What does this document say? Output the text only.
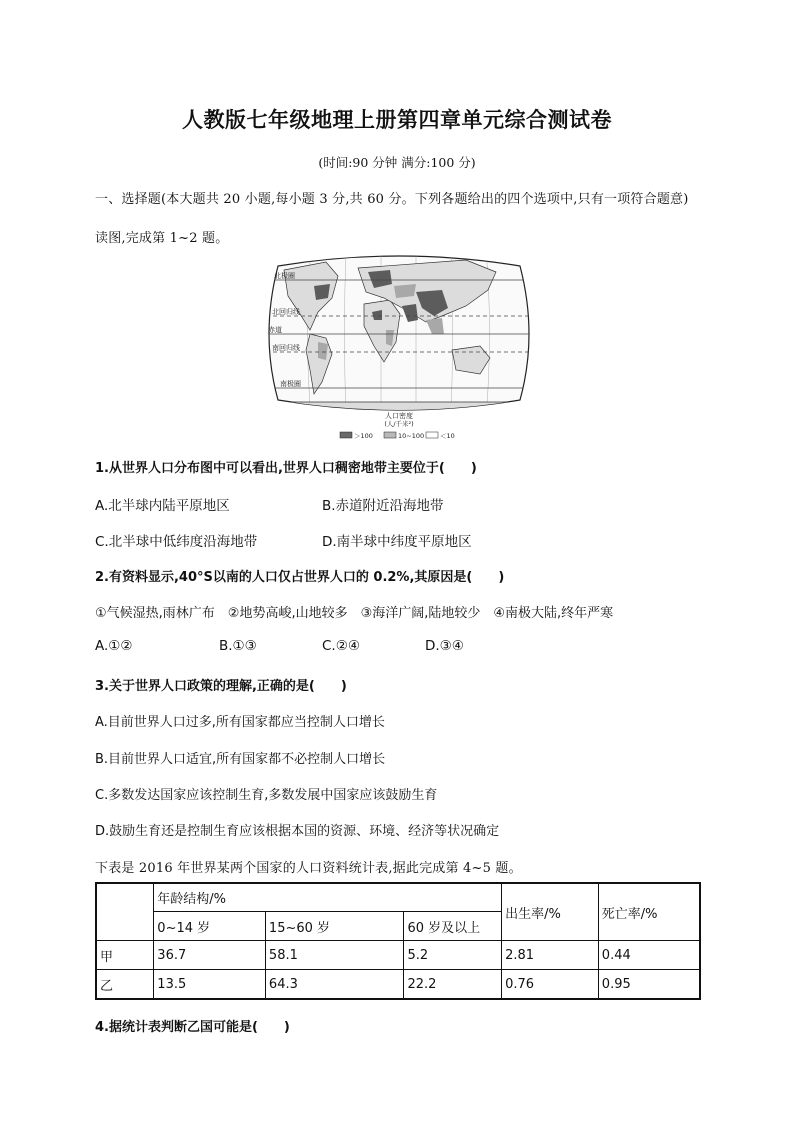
人教版七年级地理上册第四章单元综合测试卷
(时间:90 分钟 满分:100 分)
一、选择题(本大题共 20 小题,每小题 3 分,共 60 分。下列各题给出的四个选项中,只有一项符合题意)
读图,完成第 1~2 题。
北极圈
北回归线
赤道
南回归线
南极圈
人口密度
(人/千米²)
＞100	10~100 ＜10
1.从世界人口分布图中可以看出,世界人口稠密地带主要位于(　　)
A.北半球内陆平原地区	B.赤道附近沿海地带
C.北半球中低纬度沿海地带	D.南半球中纬度平原地区
2.有资料显示,40°S以南的人口仅占世界人口的 0.2%,其原因是(　　)
①气候湿热,雨林广布　②地势高峻,山地较多　③海洋广阔,陆地较少　④南极大陆,终年严寒
A.①②	B.①③	C.②④	D.③④
3.关于世界人口政策的理解,正确的是(　　)
A.目前世界人口过多,所有国家都应当控制人口增长
B.目前世界人口适宜,所有国家都不必控制人口增长
C.多数发达国家应该控制生育,多数发展中国家应该鼓励生育
D.鼓励生育还是控制生育应该根据本国的资源、环境、经济等状况确定
下表是 2016 年世界某两个国家的人口资料统计表,据此完成第 4~5 题。
	年龄结构/%			出生率/%	死亡率/%
	0~14 岁	15~60 岁	60 岁及以上		
甲	36.7	58.1	5.2	2.81	0.44
乙	13.5	64.3	22.2	0.76	0.95
4.据统计表判断乙国可能是(　　)
